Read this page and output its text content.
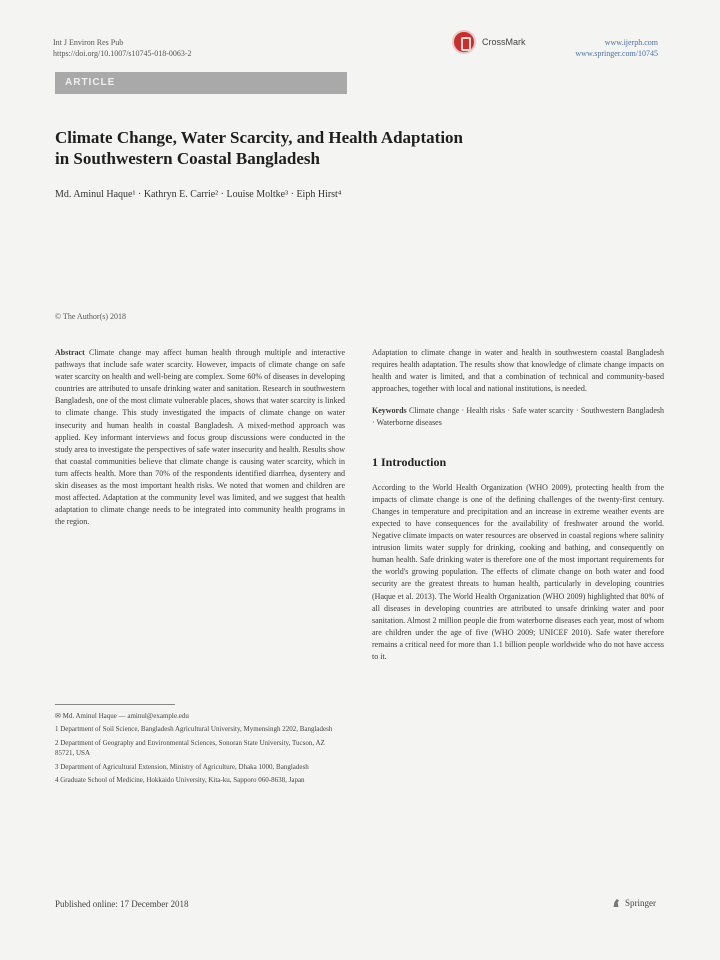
Int J Environ Res Pub
https://doi.org/10.1007/s10745-018-0063-2
CrossMark	www.ijerph.com
www.springer.com/10745
ARTICLE
Climate Change, Water Scarcity, and Health Adaptation
in Southwestern Coastal Bangladesh
Md. Aminul Haque¹ · Kathryn E. Carrie² · Louise Moltke³ · Eiph Hirst⁴
© The Author(s) 2018
Abstract Climate change may affect human health through multiple and interactive pathways that include safe water scarcity. However, impacts of climate change on safe water scarcity on health and well-being are complex. Some 60% of diseases in developing countries are attributed to unsafe drinking water and sanitation. Research in southwestern Bangladesh, one of the most climate vulnerable places, shows that water scarcity is linked to climate change. This study investigated the impacts of climate change on water insecurity and human health in coastal Bangladesh. A mixed-method approach was applied. Key informant interviews and focus group discussions were conducted in the study area to investigate the perspectives of safe water insecurity and health. Results show that coastal communities believe that climate change is causing water scarcity, which in turn affects health. More than 70% of the respondents identified diarrhea, dysentery and skin diseases as the most important health risks. We noted that women and children are most affected. Adaptation at the community level was limited, and we suggest that health adaptation to climate change needs to be integrated into community health programs in the region.
Adaptation to climate change in water and health in southwestern coastal Bangladesh requires health adaptation. The results show that knowledge of climate change impacts on health and water is limited, and that a combination of technical and community-based approaches, together with local and national institutions, is needed.
Keywords Climate change · Health risks · Safe water scarcity · Southwestern Bangladesh · Waterborne diseases
1 Introduction
According to the World Health Organization (WHO 2009), protecting health from the impacts of climate change is one of the defining challenges of the twenty-first century. Changes in temperature and precipitation and an increase in extreme weather events are expected to have consequences for the availability of freshwater around the world. Negative climate impacts on water resources are observed in coastal regions where salinity intrusion limits water supply for drinking, cooking and bathing, and consequently on human health. Safe drinking water is therefore one of the most important requirements for the world's growing population. The effects of climate change on both water and food security are the greatest threats to human health, particularly in developing countries (Haque et al. 2013). The World Health Organization (WHO 2009) highlighted that 80% of all diseases in developing countries are attributed to unsafe drinking water and poor sanitation. Almost 2 million people die from waterborne diseases each year, most of whom are children under the age of five (WHO 2009; UNICEF 2010). Safe water therefore remains a critical need for more than 1.1 billion people worldwide who do not have access to it.

✉ Md. Aminul Haque — aminul@example.edu

1 Department of Soil Science, Bangladesh Agricultural University, Mymensingh 2202, Bangladesh

2 Department of Geography and Environmental Sciences, Sonoran State University, Tucson, AZ 85721, USA

3 Department of Agricultural Extension, Ministry of Agriculture, Dhaka 1000, Bangladesh

4 Graduate School of Medicine, Hokkaido University, Kita-ku, Sapporo 060-8638, Japan

Published online: 17 December 2018	Springer
